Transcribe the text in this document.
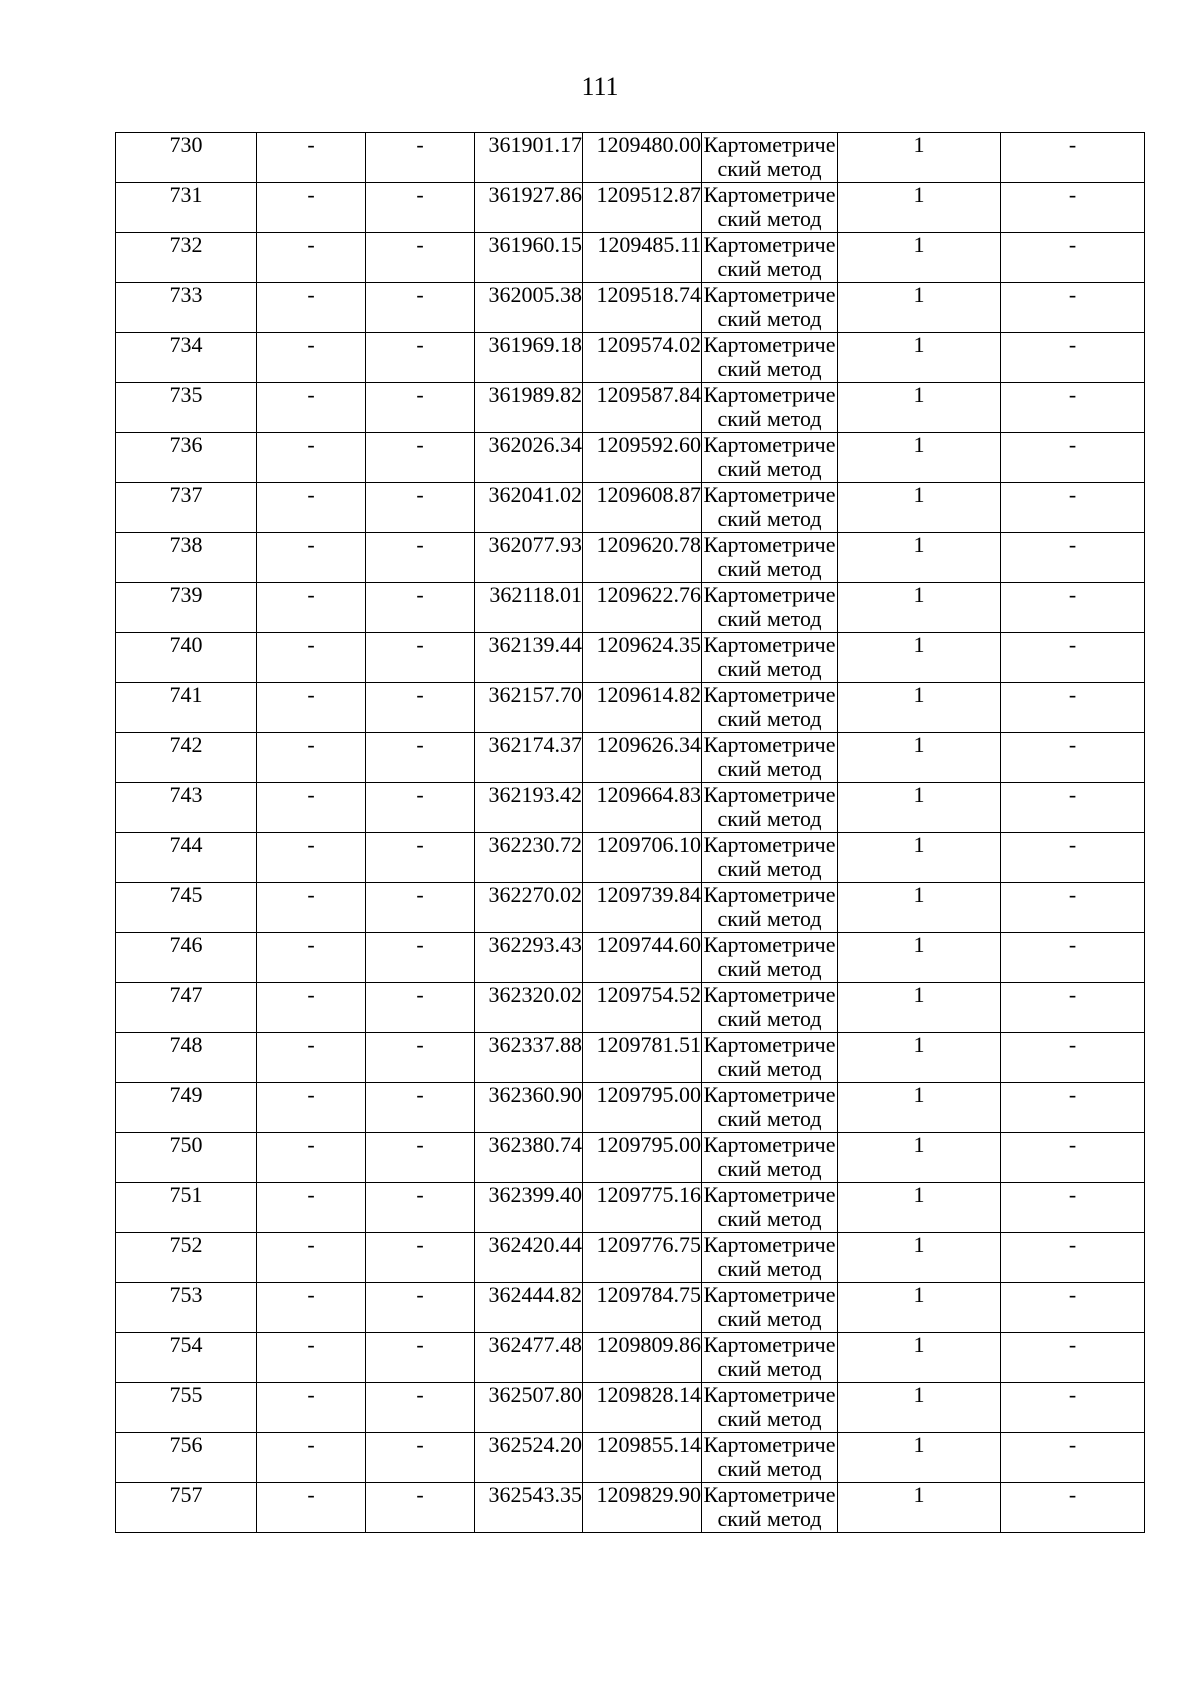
111
730	-	-	361901.17	1209480.00	Картометрический метод	1	-
731	-	-	361927.86	1209512.87	Картометрический метод	1	-
732	-	-	361960.15	1209485.11	Картометрический метод	1	-
733	-	-	362005.38	1209518.74	Картометрический метод	1	-
734	-	-	361969.18	1209574.02	Картометрический метод	1	-
735	-	-	361989.82	1209587.84	Картометрический метод	1	-
736	-	-	362026.34	1209592.60	Картометрический метод	1	-
737	-	-	362041.02	1209608.87	Картометрический метод	1	-
738	-	-	362077.93	1209620.78	Картометрический метод	1	-
739	-	-	362118.01	1209622.76	Картометрический метод	1	-
740	-	-	362139.44	1209624.35	Картометрический метод	1	-
741	-	-	362157.70	1209614.82	Картометрический метод	1	-
742	-	-	362174.37	1209626.34	Картометрический метод	1	-
743	-	-	362193.42	1209664.83	Картометрический метод	1	-
744	-	-	362230.72	1209706.10	Картометрический метод	1	-
745	-	-	362270.02	1209739.84	Картометрический метод	1	-
746	-	-	362293.43	1209744.60	Картометрический метод	1	-
747	-	-	362320.02	1209754.52	Картометрический метод	1	-
748	-	-	362337.88	1209781.51	Картометрический метод	1	-
749	-	-	362360.90	1209795.00	Картометрический метод	1	-
750	-	-	362380.74	1209795.00	Картометрический метод	1	-
751	-	-	362399.40	1209775.16	Картометрический метод	1	-
752	-	-	362420.44	1209776.75	Картометрический метод	1	-
753	-	-	362444.82	1209784.75	Картометрический метод	1	-
754	-	-	362477.48	1209809.86	Картометрический метод	1	-
755	-	-	362507.80	1209828.14	Картометрический метод	1	-
756	-	-	362524.20	1209855.14	Картометрический метод	1	-
757	-	-	362543.35	1209829.90	Картометрический метод	1	-
